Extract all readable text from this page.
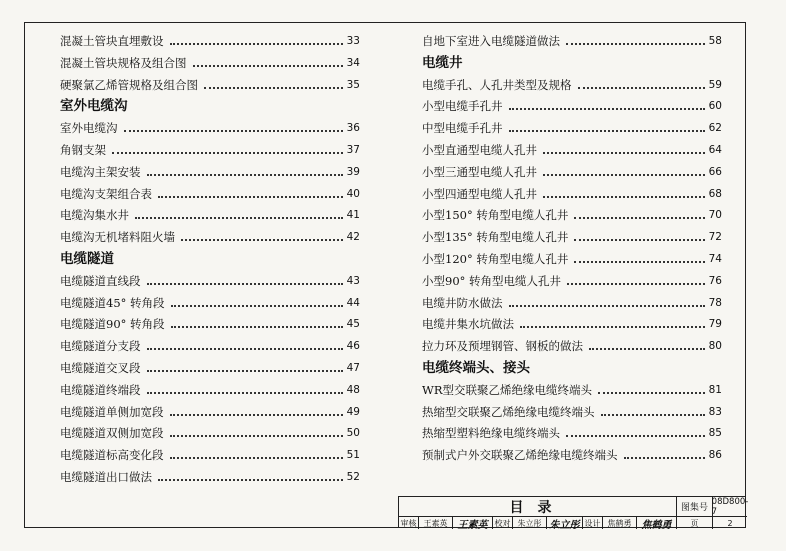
混凝土管块直埋敷设	33
混凝土管块规格及组合图	34
硬聚氯乙烯管规格及组合图	35
室外电缆沟
室外电缆沟	36
角钢支架	37
电缆沟主架安装	39
电缆沟支架组合表	40
电缆沟集水井	41
电缆沟无机堵料阻火墙	42
电缆隧道
电缆隧道直线段	43
电缆隧道45° 转角段	44
电缆隧道90° 转角段	45
电缆隧道分支段	46
电缆隧道交叉段	47
电缆隧道终端段	48
电缆隧道单侧加宽段	49
电缆隧道双侧加宽段	50
电缆隧道标高变化段	51
电缆隧道出口做法	52
自地下室进入电缆隧道做法	58
电缆井
电缆手孔、人孔井类型及规格	59
小型电缆手孔井	60
中型电缆手孔井	62
小型直通型电缆人孔井	64
小型三通型电缆人孔井	66
小型四通型电缆人孔井	68
小型150° 转角型电缆人孔井	70
小型135° 转角型电缆人孔井	72
小型120° 转角型电缆人孔井	74
小型90° 转角型电缆人孔井	76
电缆井防水做法	78
电缆井集水坑做法	79
拉力环及预埋钢管、钢板的做法	80
电缆终端头、接头
WR型交联聚乙烯绝缘电缆终端头	81
热缩型交联聚乙烯绝缘电缆终端头	83
热缩型塑料绝缘电缆终端头	85
预制式户外交联聚乙烯绝缘电缆终端头	86
目录	图集号
08D800-7
审核 王素英	王素英 校对 朱立彤 朱立彤 设计 焦鹤勇	焦鹤勇	页	2
